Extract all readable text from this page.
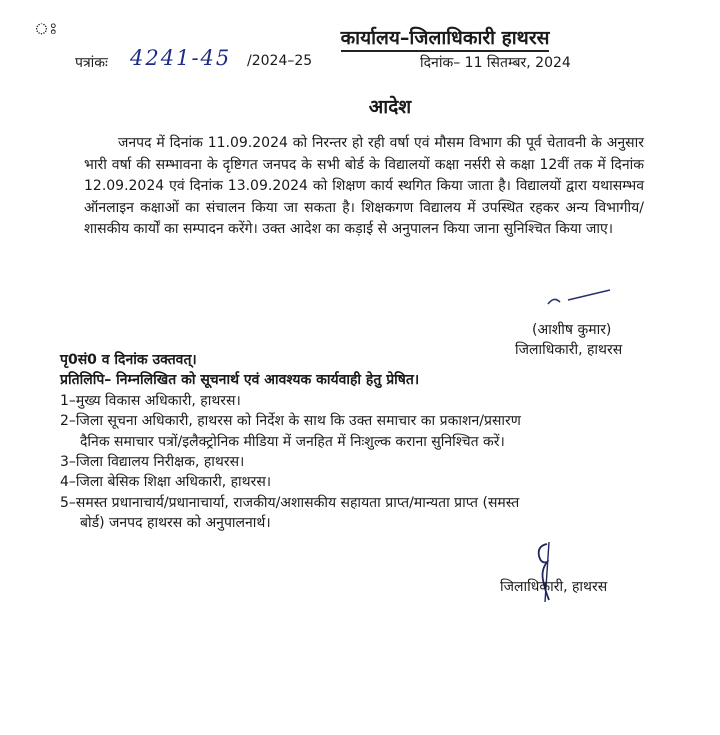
ঃ	कार्यालय–जिलाधिकारी हाथरस
पत्रांकः 4241-45 /2024–25	दिनांक– 11 सितम्बर, 2024
आदेश

जनपद में दिनांक 11.09.2024 को निरन्तर हो रही वर्षा एवं मौसम विभाग की पूर्व चेतावनी के अनुसार भारी वर्षा की सम्भावना के दृष्टिगत जनपद के सभी बोर्ड के विद्यालयों कक्षा नर्सरी से कक्षा 12वीं तक में दिनांक 12.09.2024 एवं दिनांक 13.09.2024 को शिक्षण कार्य स्थगित किया जाता है। विद्यालयों द्वारा यथासम्भव ऑनलाइन कक्षाओं का संचालन किया जा सकता है। शिक्षकगण विद्यालय में उपस्थित रहकर अन्य विभागीय/शासकीय कार्यों का सम्पादन करेंगे। उक्त आदेश का कड़ाई से अनुपालन किया जाना सुनिश्चित किया जाए।

(आशीष कुमार)
जिलाधिकारी, हाथरस
पृ0सं0 व दिनांक उक्तवत्।
प्रतिलिपि– निम्नलिखित को सूचनार्थ एवं आवश्यक कार्यवाही हेतु प्रेषित।
1–मुख्य विकास अधिकारी, हाथरस।
2–जिला सूचना अधिकारी, हाथरस को निर्देश के साथ कि उक्त समाचार का प्रकाशन/प्रसारण
दैनिक समाचार पत्रों/इलैक्ट्रोनिक मीडिया में जनहित में निःशुल्क कराना सुनिश्चित करें।
3–जिला विद्यालय निरीक्षक, हाथरस।
4–जिला बेसिक शिक्षा अधिकारी, हाथरस।
5–समस्त प्रधानाचार्य/प्रधानाचार्या, राजकीय/अशासकीय सहायता प्राप्त/मान्यता प्राप्त (समस्त
बोर्ड) जनपद हाथरस को अनुपालनार्थ।
जिलाधिकारी, हाथरस
